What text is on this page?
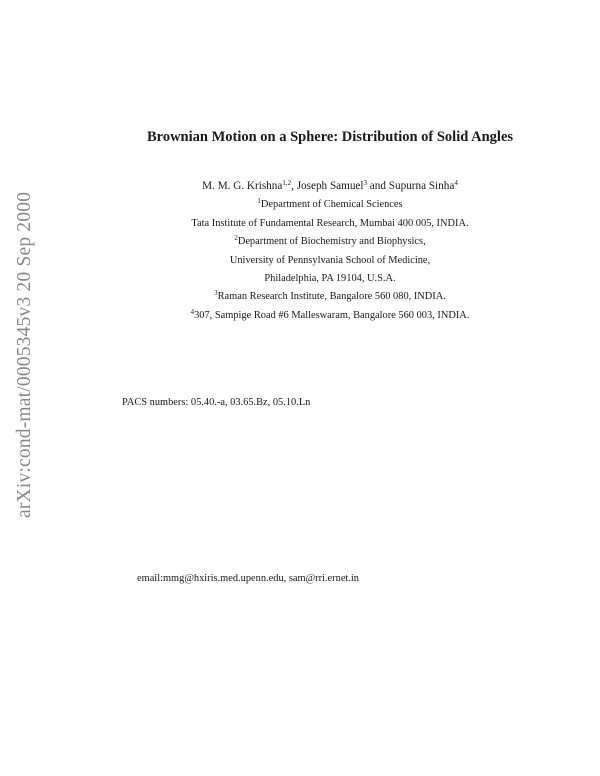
arXiv:cond-mat/0005345v3 20 Sep 2000
Brownian Motion on a Sphere: Distribution of Solid Angles
M. M. G. Krishna$^{1,2}$, Joseph Samuel$^3$ and Supurna Sinha$^4$
$^1$Department of Chemical Sciences
Tata Institute of Fundamental Research, Mumbai 400 005, INDIA.
$^2$Department of Biochemistry and Biophysics,
University of Pennsylvania School of Medicine,
Philadelphia, PA 19104, U.S.A.
$^3$Raman Research Institute, Bangalore 560 080, INDIA.
$^4$307, Sampige Road #6 Malleswaram, Bangalore 560 003, INDIA.
PACS numbers: 05.40.-a, 03.65.Bz, 05.10.Ln
email:mmg@hxiris.med.upenn.edu, sam@rri.ernet.in
